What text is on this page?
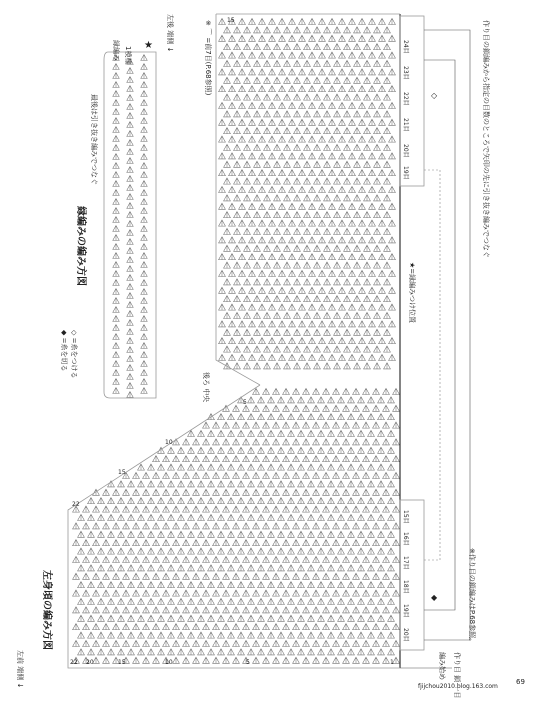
左後 端側 ↓
左前 端側 ↓
後ろ 中央
作り目の鎖編みから指定の目数のところで矢印の先に引き抜き編みでつなぐ
★=縁編みつけ位置
※ ⌒ =前7目(P.68参照)
最後は引き抜き編みでつなぐ
1模様
縁編み
編み始め 作り目 鎖 一目
※作り目の鎖編みはP.68参照。
◇ =糸をつける
◆ =糸を切る
縁編みの編み方図
左身頃の編み方図
1
5
10
15
20
22
5
10
15
22
15
24目
23目
22目
21目
20目
19目
15目
16目
17目
18目
19目
20目
★
◇
◆
fjijchou2010.blog.163.com
69
